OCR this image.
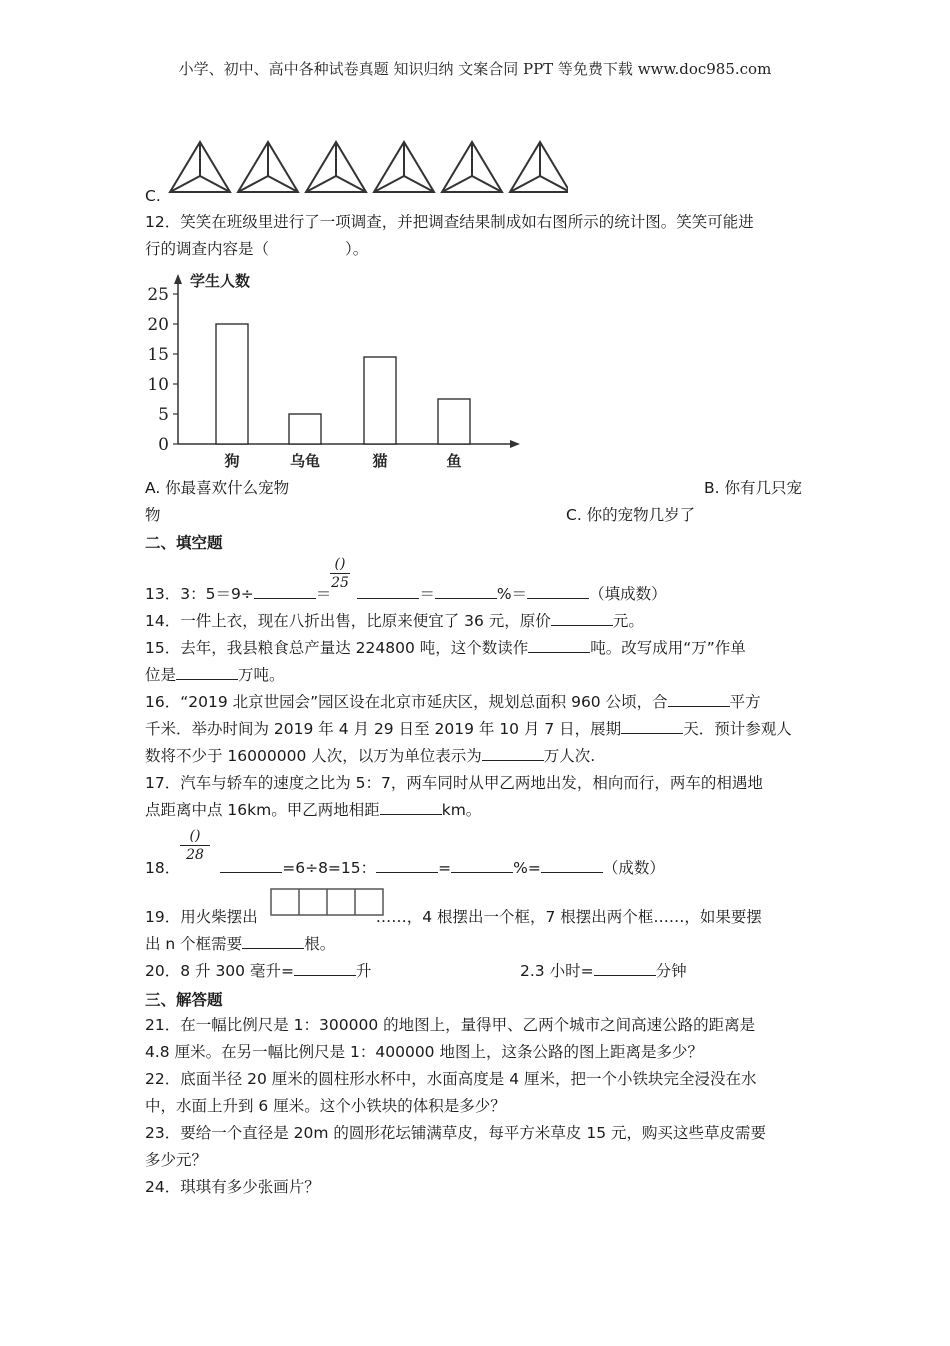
小学、初中、高中各种试卷真题 知识归纳 文案合同 PPT 等免费下载 www.doc985.com
C.
12．笑笑在班级里进行了一项调查，并把调查结果制成如右图所示的统计图。笑笑可能进
行的调查内容是（	）。
学生人数
0
5
10
15
20
25
狗	乌龟	猫	鱼
A. 你最喜欢什么宠物	B. 你有几只宠
物	C. 你的宠物几岁了
二、填空题
()
25
13．3：5＝9÷	＝	＝	%＝	（填成数）
14．一件上衣，现在八折出售，比原来便宜了 36 元，原价	元。
15．去年，我县粮食总产量达 224800 吨，这个数读作	吨。改写成用“万”作单
位是	万吨。
16．“2019 北京世园会”园区设在北京市延庆区，规划总面积 960 公顷，合	平方
千米．举办时间为 2019 年 4 月 29 日至 2019 年 10 月 7 日，展期	天．预计参观人
数将不少于 16000000 人次，以万为单位表示为	万人次.
17．汽车与轿车的速度之比为 5：7，两车同时从甲乙两地出发，相向而行，两车的相遇地
点距离中点 16km。甲乙两地相距	km。
()
28
18．	=6÷8=15：	=	%=	（成数）
19．用火柴摆出	……，4 根摆出一个框，7 根摆出两个框……，如果要摆
出 n 个框需要	根。
20．8 升 300 毫升=	升	2.3 小时=	分钟
三、解答题
21．在一幅比例尺是 1：300000 的地图上，量得甲、乙两个城市之间高速公路的距离是
4.8 厘米。在另一幅比例尺是 1：400000 地图上，这条公路的图上距离是多少？
22．底面半径 20 厘米的圆柱形水杯中，水面高度是 4 厘米，把一个小铁块完全浸没在水
中，水面上升到 6 厘米。这个小铁块的体积是多少？
23．要给一个直径是 20m 的圆形花坛铺满草皮，每平方米草皮 15 元，购买这些草皮需要
多少元？
24．琪琪有多少张画片？
